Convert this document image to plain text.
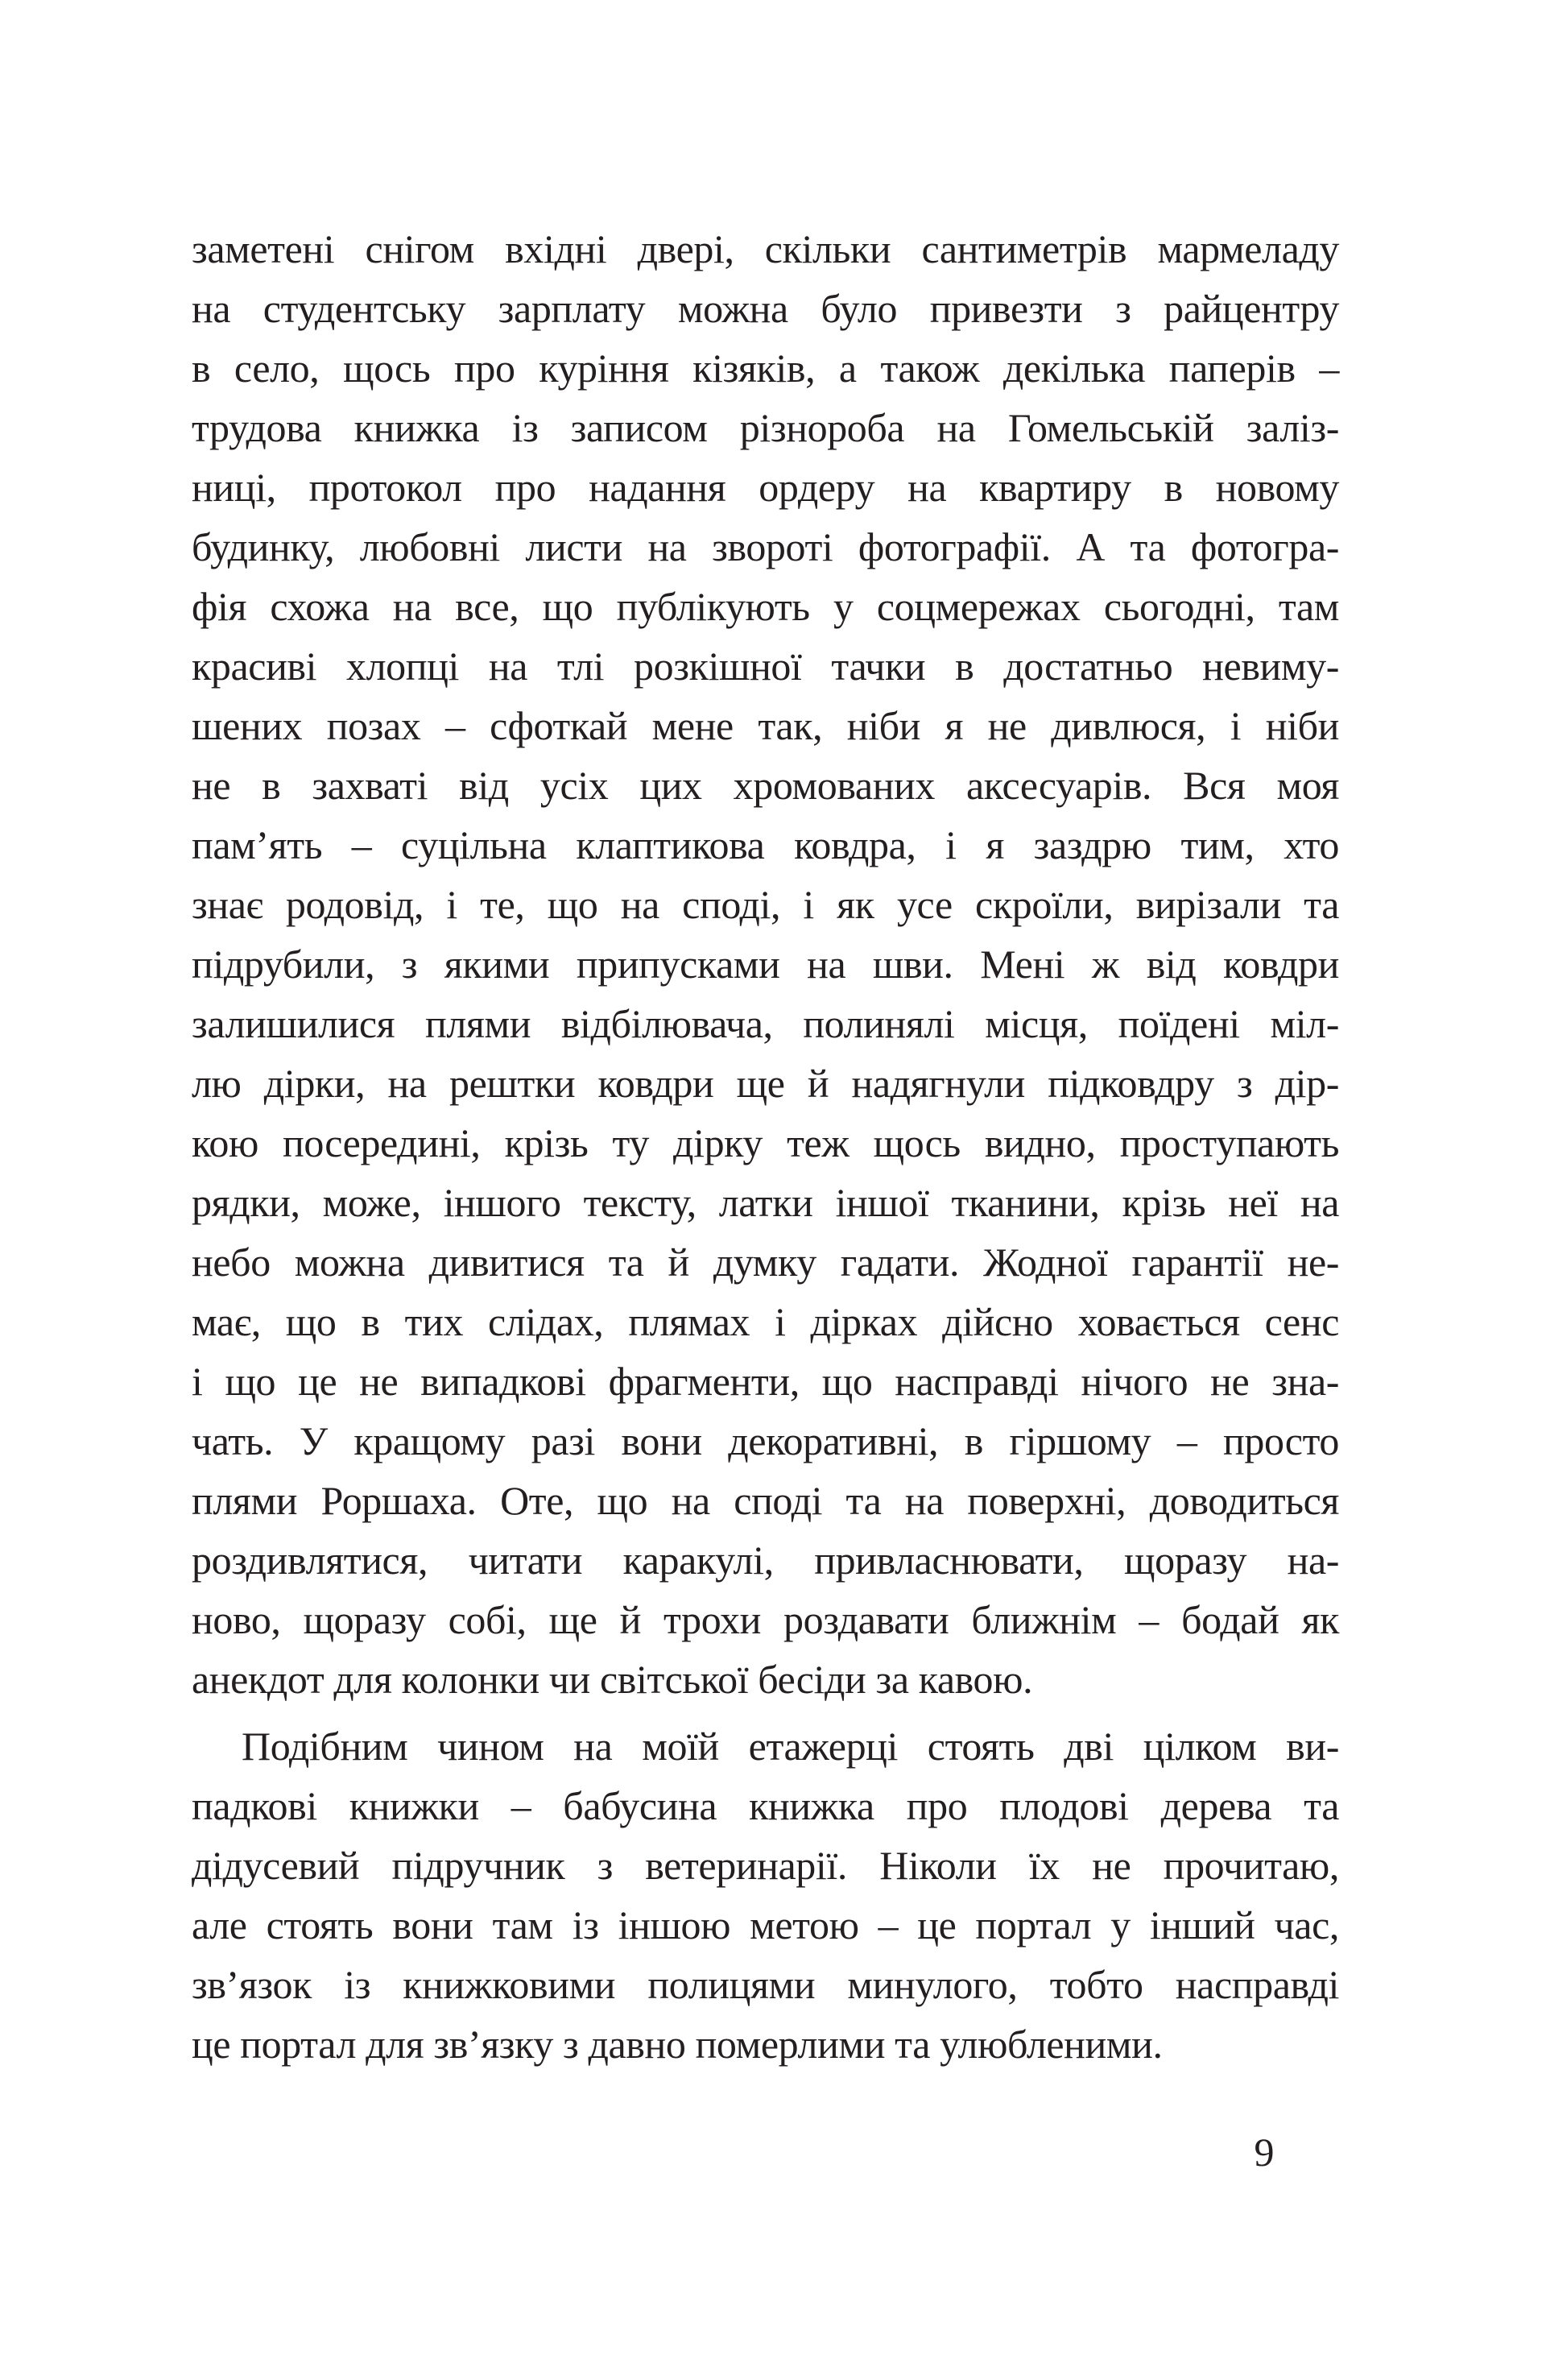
заметені снігом вхідні двері, скільки сантиметрів мармеладу
на студентську зарплату можна було привезти з райцентру
в село, щось про куріння кізяків, а також декілька паперів –
трудова книжка із записом різнороба на Гомельській заліз-
ниці, протокол про надання ордеру на квартиру в новому
будинку, любовні листи на звороті фотографії. А та фотогра-
фія схожа на все, що публікують у соцмережах сьогодні, там
красиві хлопці на тлі розкішної тачки в достатньо невиму-
шених позах – сфоткай мене так, ніби я не дивлюся, і ніби
не в захваті від усіх цих хромованих аксесуарів. Вся моя
пам’ять – суцільна клаптикова ковдра, і я заздрю тим, хто
знає родовід, і те, що на споді, і як усе скроїли, вирізали та
підрубили, з якими припусками на шви. Мені ж від ковдри
залишилися плями відбілювача, полинялі місця, поїдені міл-
лю дірки, на рештки ковдри ще й надягнули підковдру з дір-
кою посередині, крізь ту дірку теж щось видно, проступають
рядки, може, іншого тексту, латки іншої тканини, крізь неї на
небо можна дивитися та й думку гадати. Жодної гарантії не-
має, що в тих слідах, плямах і дірках дійсно ховається сенс
і що це не випадкові фрагменти, що насправді нічого не зна-
чать. У кращому разі вони декоративні, в гіршому – просто
плями Роршаха. Оте, що на споді та на поверхні, доводиться
роздивлятися, читати каракулі, привласнювати, щоразу на-
ново, щоразу собі, ще й трохи роздавати ближнім – бодай як
анекдот для колонки чи світської бесіди за кавою.
Подібним чином на моїй етажерці стоять дві цілком ви-
падкові книжки – бабусина книжка про плодові дерева та
дідусевий підручник з ветеринарії. Ніколи їх не прочитаю,
але стоять вони там із іншою метою – це портал у інший час,
зв’язок із книжковими полицями минулого, тобто насправді
це портал для зв’язку з давно померлими та улюбленими.
9
